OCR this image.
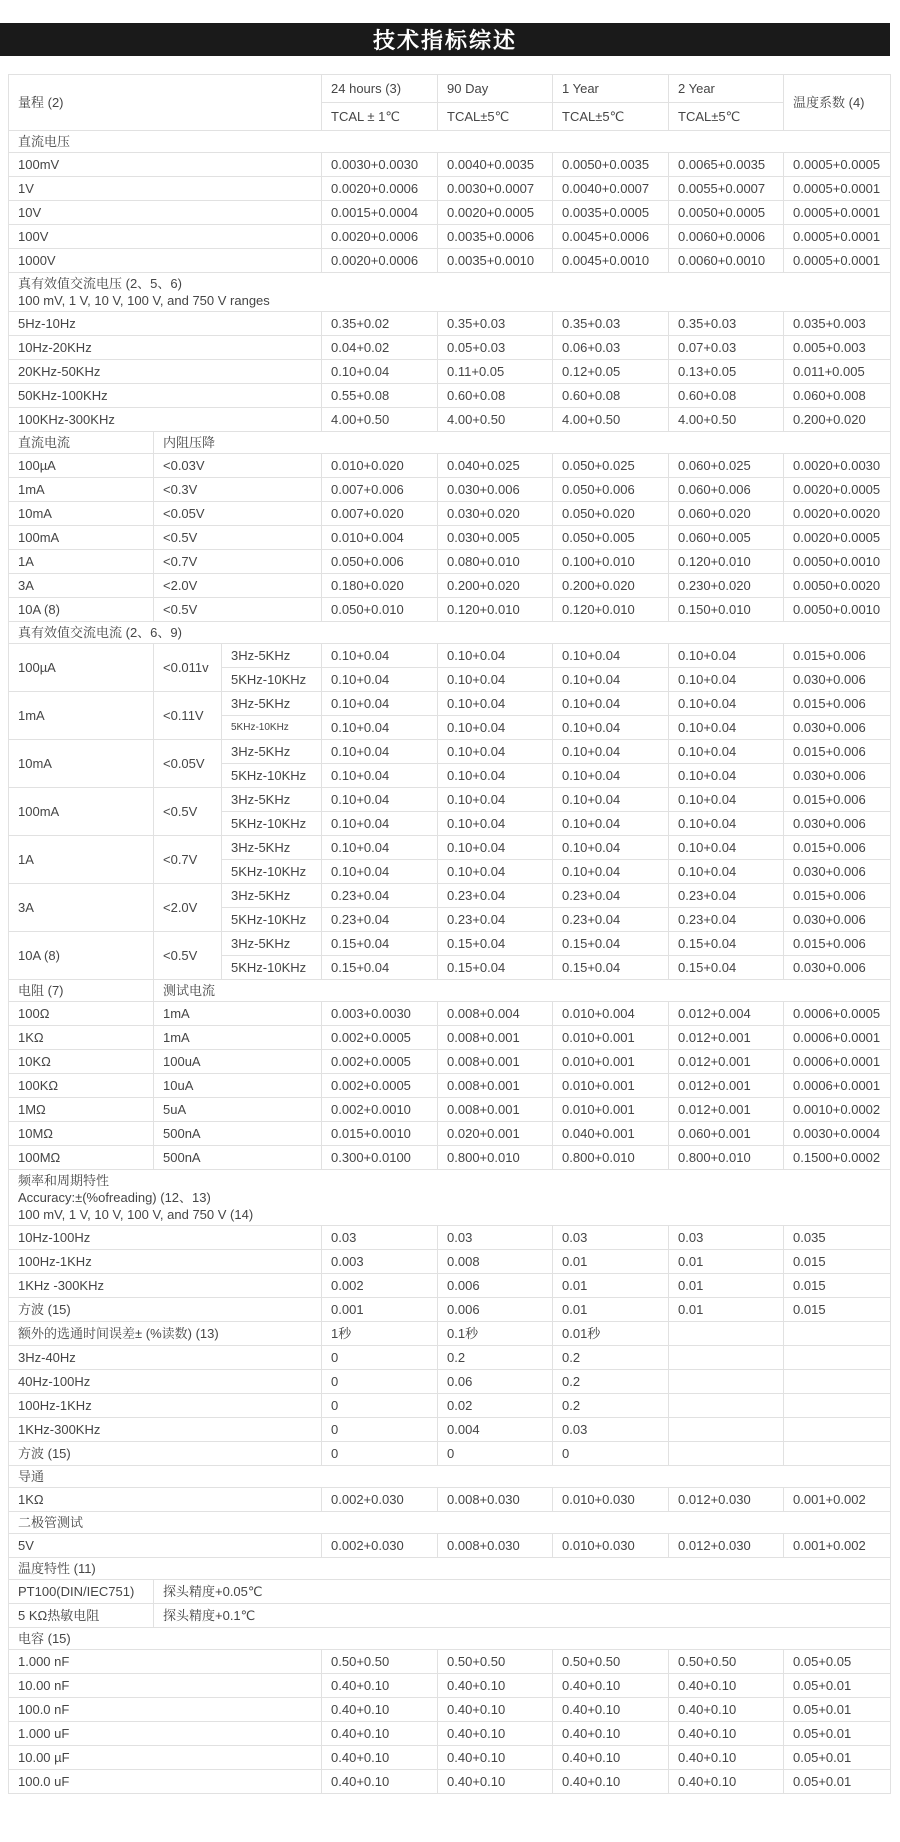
技术指标综述
量程 (2)			24 hours (3)	90 Day	1 Year	2 Year	温度系数 (4)
			TCAL ± 1℃	TCAL±5℃	TCAL±5℃	TCAL±5℃	
直流电压							
100mV			0.0030+0.0030	0.0040+0.0035	0.0050+0.0035	0.0065+0.0035	0.0005+0.0005
1V			0.0020+0.0006	0.0030+0.0007	0.0040+0.0007	0.0055+0.0007	0.0005+0.0001
10V			0.0015+0.0004	0.0020+0.0005	0.0035+0.0005	0.0050+0.0005	0.0005+0.0001
100V			0.0020+0.0006	0.0035+0.0006	0.0045+0.0006	0.0060+0.0006	0.0005+0.0001
1000V			0.0020+0.0006	0.0035+0.0010	0.0045+0.0010	0.0060+0.0010	0.0005+0.0001

真有效值交流电压 (2、5、6)
100 mV, 1 V, 10 V, 100 V, and 750 V ranges							

5Hz-10Hz			0.35+0.02	0.35+0.03	0.35+0.03	0.35+0.03	0.035+0.003
10Hz-20KHz			0.04+0.02	0.05+0.03	0.06+0.03	0.07+0.03	0.005+0.003
20KHz-50KHz			0.10+0.04	0.11+0.05	0.12+0.05	0.13+0.05	0.011+0.005
50KHz-100KHz			0.55+0.08	0.60+0.08	0.60+0.08	0.60+0.08	0.060+0.008
100KHz-300KHz			4.00+0.50	4.00+0.50	4.00+0.50	4.00+0.50	0.200+0.020
直流电流	内阻压降						
100µA	<0.03V		0.010+0.020	0.040+0.025	0.050+0.025	0.060+0.025	0.0020+0.0030
1mA	<0.3V		0.007+0.006	0.030+0.006	0.050+0.006	0.060+0.006	0.0020+0.0005
10mA	<0.05V		0.007+0.020	0.030+0.020	0.050+0.020	0.060+0.020	0.0020+0.0020
100mA	<0.5V		0.010+0.004	0.030+0.005	0.050+0.005	0.060+0.005	0.0020+0.0005
1A	<0.7V		0.050+0.006	0.080+0.010	0.100+0.010	0.120+0.010	0.0050+0.0010
3A	<2.0V		0.180+0.020	0.200+0.020	0.200+0.020	0.230+0.020	0.0050+0.0020
10A (8)	<0.5V		0.050+0.010	0.120+0.010	0.120+0.010	0.150+0.010	0.0050+0.0010
真有效值交流电流 (2、6、9)							
100µA	<0.011v	3Hz-5KHz	0.10+0.04	0.10+0.04	0.10+0.04	0.10+0.04	0.015+0.006
		5KHz-10KHz	0.10+0.04	0.10+0.04	0.10+0.04	0.10+0.04	0.030+0.006
1mA	<0.11V	3Hz-5KHz	0.10+0.04	0.10+0.04	0.10+0.04	0.10+0.04	0.015+0.006
		5KHz-10KHz	0.10+0.04	0.10+0.04	0.10+0.04	0.10+0.04	0.030+0.006
10mA	<0.05V	3Hz-5KHz	0.10+0.04	0.10+0.04	0.10+0.04	0.10+0.04	0.015+0.006
		5KHz-10KHz	0.10+0.04	0.10+0.04	0.10+0.04	0.10+0.04	0.030+0.006
100mA	<0.5V	3Hz-5KHz	0.10+0.04	0.10+0.04	0.10+0.04	0.10+0.04	0.015+0.006
		5KHz-10KHz	0.10+0.04	0.10+0.04	0.10+0.04	0.10+0.04	0.030+0.006
1A	<0.7V	3Hz-5KHz	0.10+0.04	0.10+0.04	0.10+0.04	0.10+0.04	0.015+0.006
		5KHz-10KHz	0.10+0.04	0.10+0.04	0.10+0.04	0.10+0.04	0.030+0.006
3A	<2.0V	3Hz-5KHz	0.23+0.04	0.23+0.04	0.23+0.04	0.23+0.04	0.015+0.006
		5KHz-10KHz	0.23+0.04	0.23+0.04	0.23+0.04	0.23+0.04	0.030+0.006
10A (8)	<0.5V	3Hz-5KHz	0.15+0.04	0.15+0.04	0.15+0.04	0.15+0.04	0.015+0.006
		5KHz-10KHz	0.15+0.04	0.15+0.04	0.15+0.04	0.15+0.04	0.030+0.006
电阻 (7)	测试电流						
100Ω	1mA		0.003+0.0030	0.008+0.004	0.010+0.004	0.012+0.004	0.0006+0.0005
1KΩ	1mA		0.002+0.0005	0.008+0.001	0.010+0.001	0.012+0.001	0.0006+0.0001
10KΩ	100uA		0.002+0.0005	0.008+0.001	0.010+0.001	0.012+0.001	0.0006+0.0001
100KΩ	10uA		0.002+0.0005	0.008+0.001	0.010+0.001	0.012+0.001	0.0006+0.0001
1MΩ	5uA		0.002+0.0010	0.008+0.001	0.010+0.001	0.012+0.001	0.0010+0.0002
10MΩ	500nA		0.015+0.0010	0.020+0.001	0.040+0.001	0.060+0.001	0.0030+0.0004
100MΩ	500nA		0.300+0.0100	0.800+0.010	0.800+0.010	0.800+0.010	0.1500+0.0002

频率和周期特性
Accuracy:±(%ofreading) (12、13)
100 mV, 1 V, 10 V, 100 V, and 750 V (14)							

10Hz-100Hz			0.03	0.03	0.03	0.03	0.035
100Hz-1KHz			0.003	0.008	0.01	0.01	0.015
1KHz -300KHz			0.002	0.006	0.01	0.01	0.015
方波 (15)			0.001	0.006	0.01	0.01	0.015
额外的选通时间误差± (%读数) (13)			1秒	0.1秒	0.01秒		
3Hz-40Hz			0	0.2	0.2		
40Hz-100Hz			0	0.06	0.2		
100Hz-1KHz			0	0.02	0.2		
1KHz-300KHz			0	0.004	0.03		
方波 (15)			0	0	0		
导通							
1KΩ			0.002+0.030	0.008+0.030	0.010+0.030	0.012+0.030	0.001+0.002
二极管测试							
5V			0.002+0.030	0.008+0.030	0.010+0.030	0.012+0.030	0.001+0.002
温度特性 (11)							
PT100(DIN/IEC751)	探头精度+0.05℃						
5 KΩ热敏电阻	探头精度+0.1℃						
电容 (15)							
1.000 nF			0.50+0.50	0.50+0.50	0.50+0.50	0.50+0.50	0.05+0.05
10.00 nF			0.40+0.10	0.40+0.10	0.40+0.10	0.40+0.10	0.05+0.01
100.0 nF			0.40+0.10	0.40+0.10	0.40+0.10	0.40+0.10	0.05+0.01
1.000 uF			0.40+0.10	0.40+0.10	0.40+0.10	0.40+0.10	0.05+0.01
10.00 µF			0.40+0.10	0.40+0.10	0.40+0.10	0.40+0.10	0.05+0.01
100.0 uF			0.40+0.10	0.40+0.10	0.40+0.10	0.40+0.10	0.05+0.01
